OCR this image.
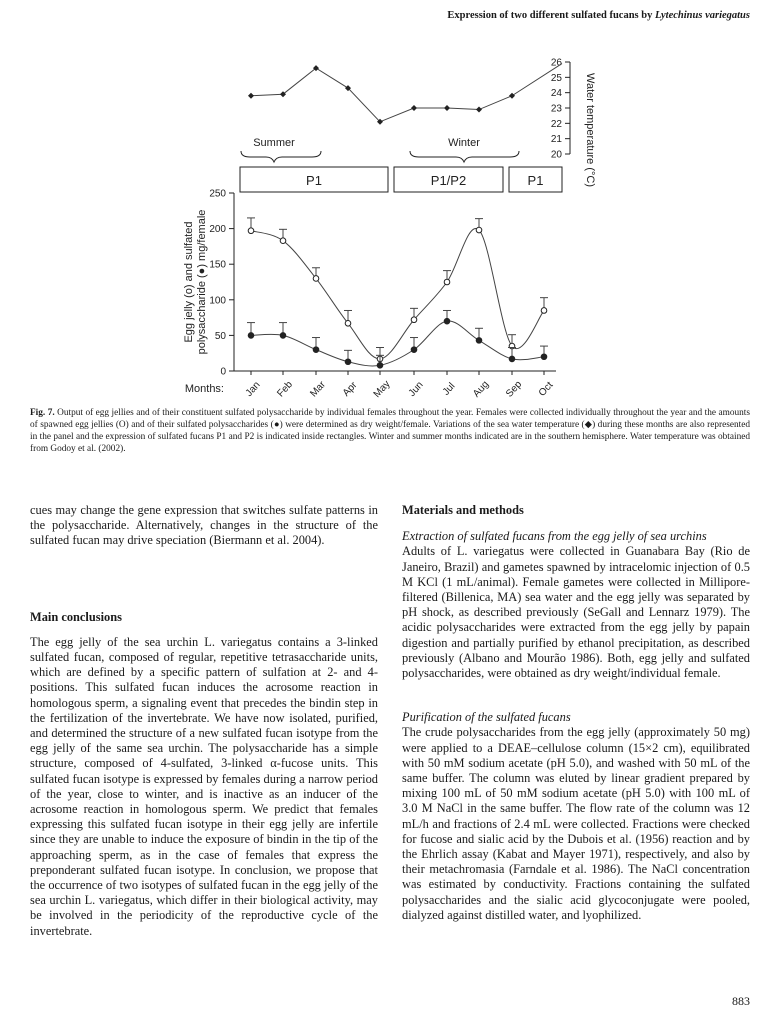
Expression of two different sulfated fucans by Lytechinus variegatus
20
21
22
23
24
25
26
Water temperature (°C)
Summer	Winter
P1	P1/P2	P1
0
50
100
150
200
250
Jan Feb Mar Apr May Jun Jul Aug Sep Oct
Months:
Egg jelly (o) and sulfated polysaccharide (●) mg/female
Fig. 7. Output of egg jellies and of their constituent sulfated polysaccharide by individual females throughout the year. Females were collected individually throughout the year and the amounts of spawned egg jellies (O) and of their sulfated polysaccharides (●) were determined as dry weight/female. Variations of the sea water temperature (◆) during these months are also represented in the panel and the expression of sulfated fucans P1 and P2 is indicated inside rectangles. Winter and summer months indicated are in the southern hemisphere. Water temperature was obtained from Godoy et al. (2002).

cues may change the gene expression that switches sulfate patterns in the polysaccharide. Alternatively, changes in the structure of the sulfated fucan may drive speciation (Biermann et al. 2004).

Main conclusions

The egg jelly of the sea urchin L. variegatus contains a 3-linked sulfated fucan, composed of regular, repetitive tetrasaccharide units, which are defined by a specific pattern of sulfation at 2- and 4-positions. This sulfated fucan induces the acrosome reaction in homologous sperm, a signaling event that precedes the bindin step in the fertilization of the invertebrate. We have now isolated, purified, and determined the structure of a new sulfated fucan isotype from the egg jelly of the same sea urchin. The polysaccharide has a simple structure, composed of 4-sulfated, 3-linked α-fucose units. This sulfated fucan isotype is expressed by females during a narrow period of the year, close to winter, and is inactive as an inducer of the acrosome reaction in homologous sperm. We predict that females expressing this sulfated fucan isotype in their egg jelly are infertile since they are unable to induce the exposure of bindin in the tip of the approaching sperm, as in the case of females that express the preponderant sulfated fucan isotype. In conclusion, we propose that the occurrence of two isotypes of sulfated fucan in the egg jelly of the sea urchin L. variegatus, which differ in their biological activity, may be involved in the periodicity of the reproductive cycle of the invertebrate.

Materials and methods
Extraction of sulfated fucans from the egg jelly of sea urchins

Adults of L. variegatus were collected in Guanabara Bay (Rio de Janeiro, Brazil) and gametes spawned by intracelomic injection of 0.5 M KCl (1 mL/animal). Female gametes were collected in Millipore-filtered (Billenica, MA) sea water and the egg jelly was separated by pH shock, as described previously (SeGall and Lennarz 1979). The acidic polysaccharides were extracted from the egg jelly by papain digestion and partially purified by ethanol precipitation, as described previously (Albano and Mourão 1986). Both, egg jelly and sulfated polysaccharides, were obtained as dry weight/individual female.

Purification of the sulfated fucans

The crude polysaccharides from the egg jelly (approximately 50 mg) were applied to a DEAE–cellulose column (15×2 cm), equilibrated with 50 mM sodium acetate (pH 5.0), and washed with 50 mL of the same buffer. The column was eluted by linear gradient prepared by mixing 100 mL of 50 mM sodium acetate (pH 5.0) with 100 mL of 3.0 M NaCl in the same buffer. The flow rate of the column was 12 mL/h and fractions of 2.4 mL were collected. Fractions were checked for fucose and sialic acid by the Dubois et al. (1956) reaction and by the Ehrlich assay (Kabat and Mayer 1971), respectively, and also by their metachromasia (Farndale et al. 1986). The NaCl concentration was estimated by conductivity. Fractions containing the sulfated polysaccharides and the sialic acid glycoconjugate were pooled, dialyzed against distilled water, and lyophilized.

883
